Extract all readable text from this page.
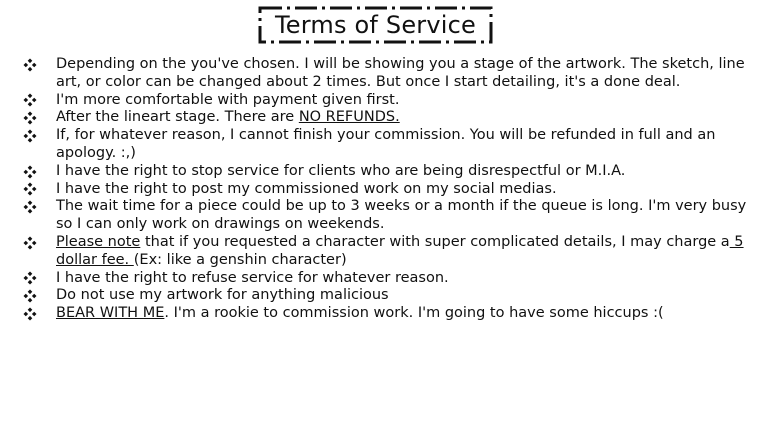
Terms of Service
Depending on the you've chosen. I will be showing you a stage of the artwork. The sketch, line art, or color can be changed about 2 times. But once I start detailing, it's a done deal.
I'm more comfortable with payment given first.
After the lineart stage. There are NO REFUNDS.
If, for whatever reason, I cannot finish your commission. You will be refunded in full and an apology. :,)
I have the right to stop service for clients who are being disrespectful or M.I.A.
I have the right to post my commissioned work on my social medias.
The wait time for a piece could be up to 3 weeks or a month if the queue is long. I'm very busy so I can only work on drawings on weekends.
Please note that if you requested a character with super complicated details, I may charge a 5 dollar fee. (Ex: like a genshin character)
I have the right to refuse service for whatever reason.
Do not use my artwork for anything malicious
BEAR WITH ME. I'm a rookie to commission work. I'm going to have some hiccups :(
